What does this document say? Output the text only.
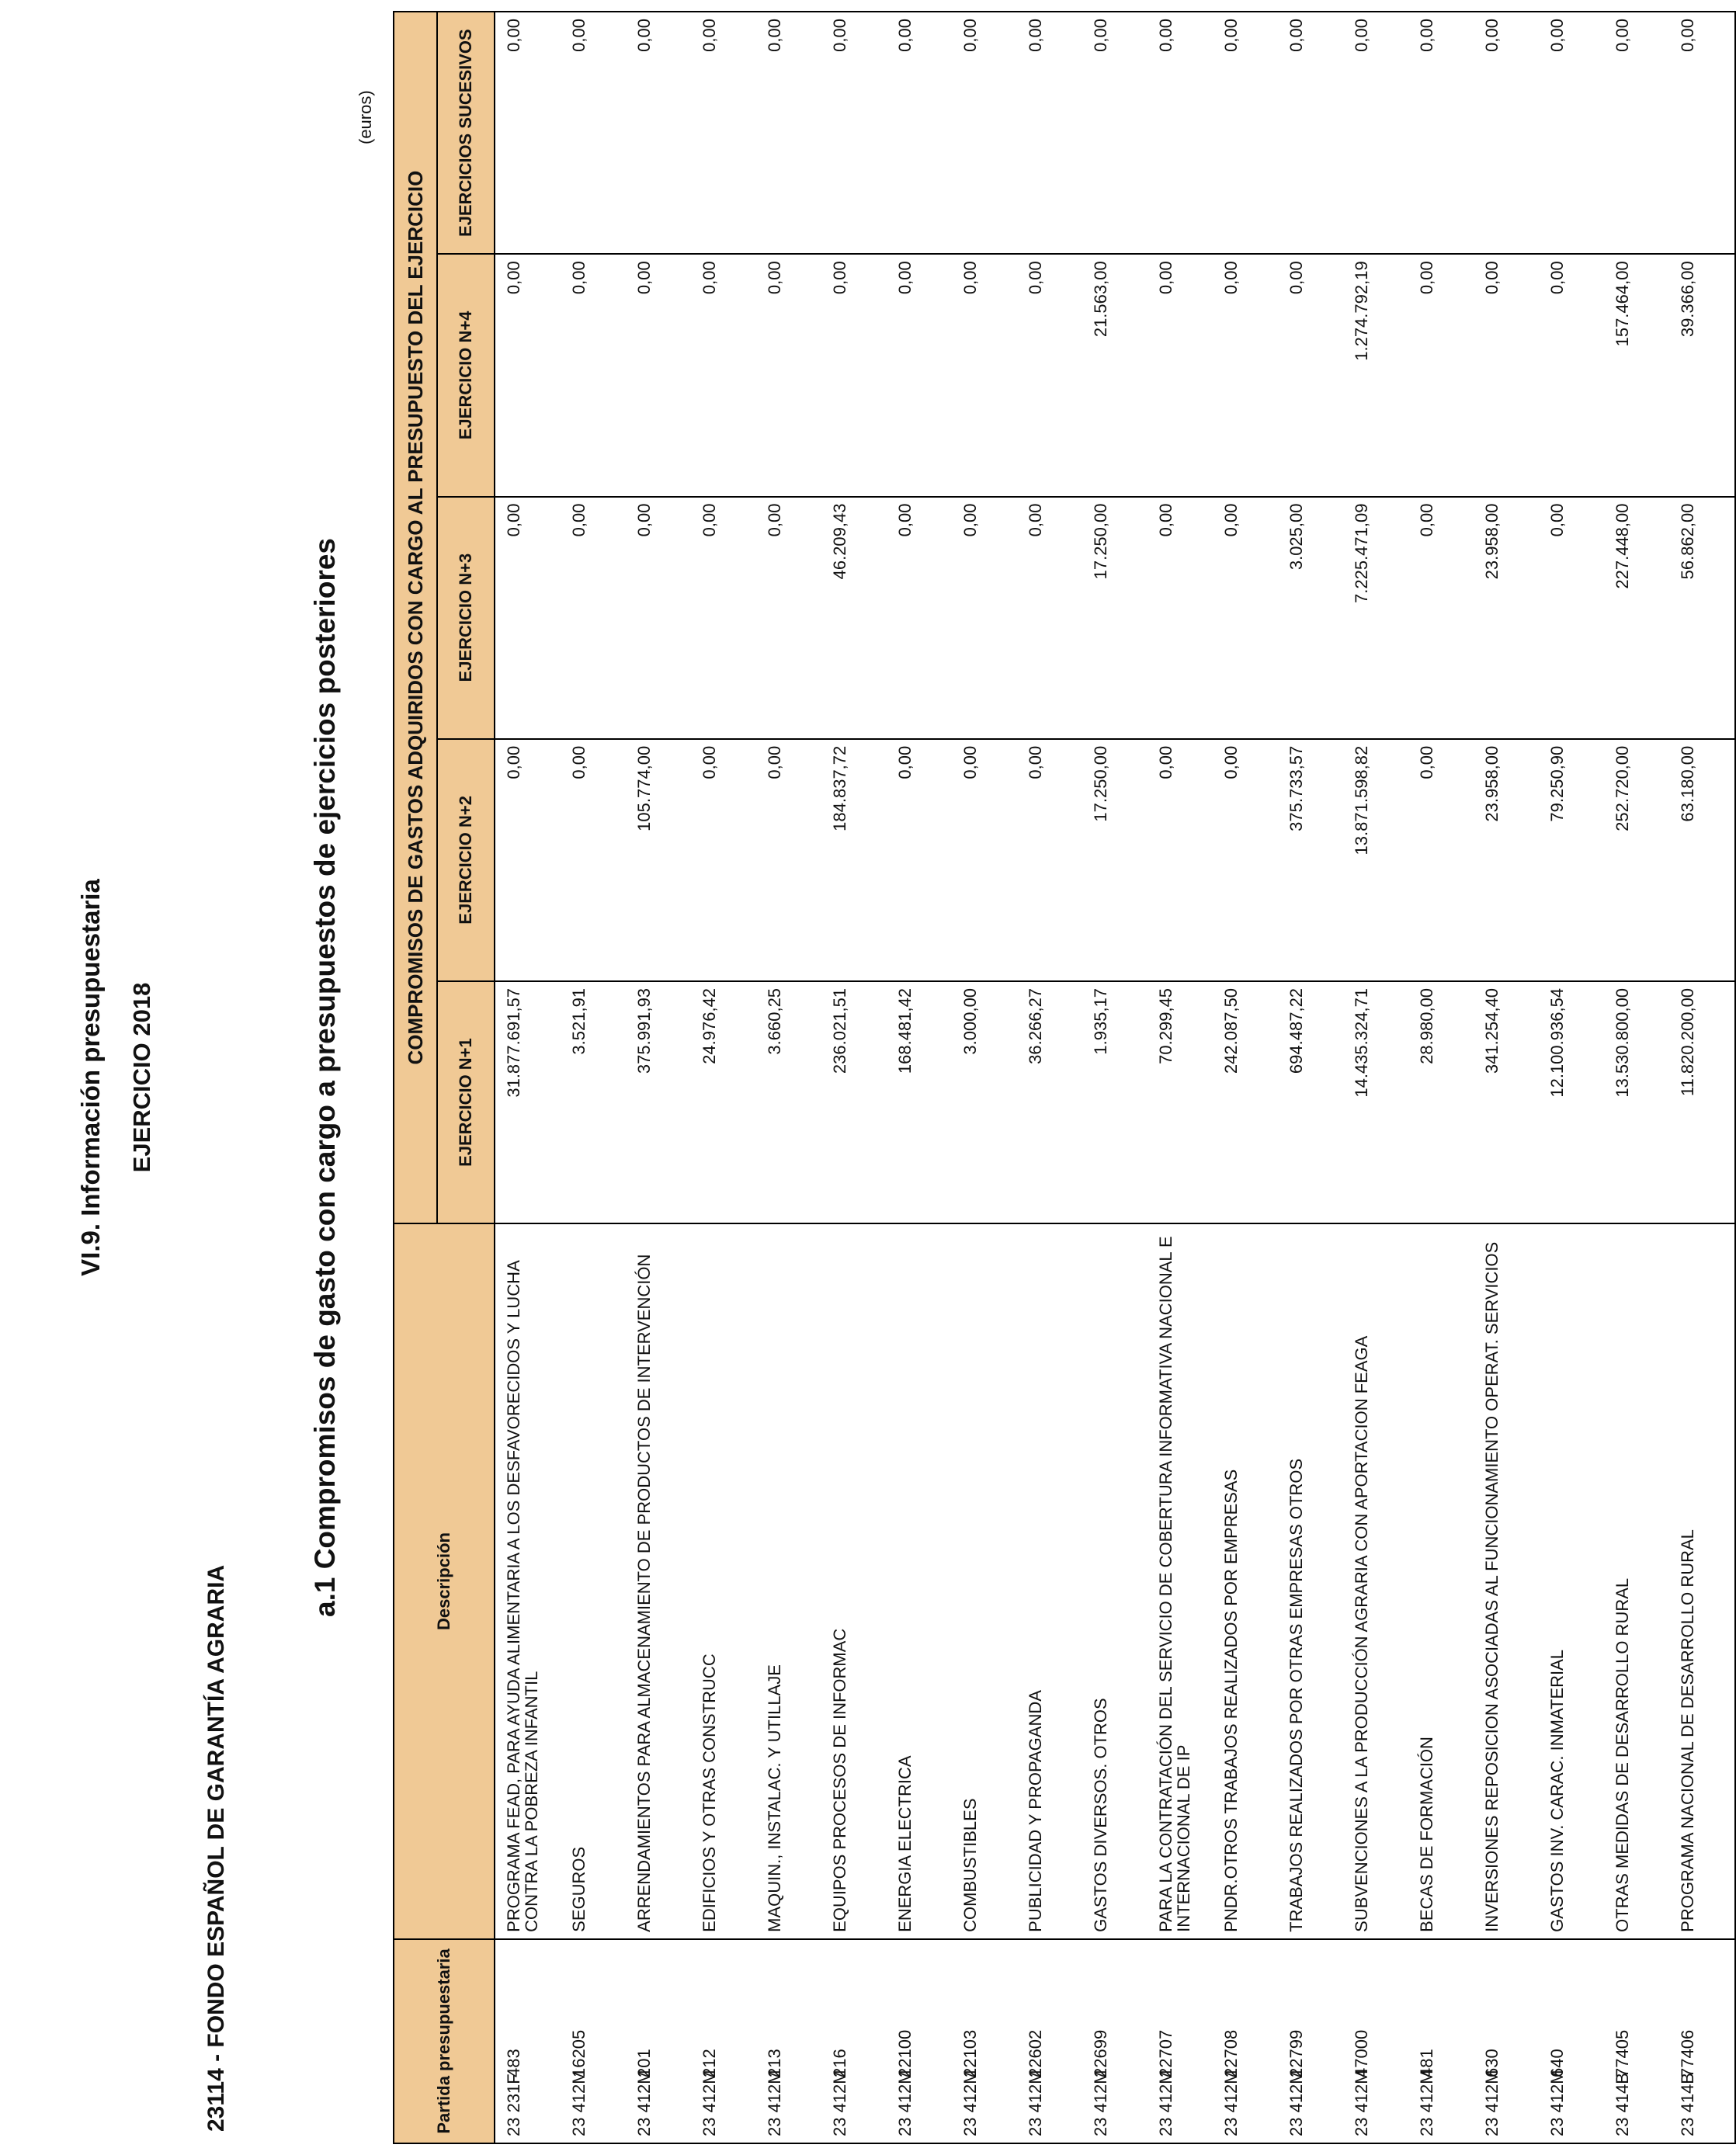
VI.9. Información presupuestaria EJERCICIO 2018
23114 - FONDO ESPAÑOL DE GARANTÍA AGRARIA
a.1 Compromisos de gasto con cargo a presupuestos de ejercicios posteriores
(euros)
Partida presupuestaria	Descripción	COMPROMISOS DE GASTOS ADQUIRIDOS CON CARGO AL PRESUPUESTO DEL EJERCICIO				
		EJERCICIO N+1	EJERCICIO N+2	EJERCICIO N+3	EJERCICIO N+4	EJERCICIOS SUCESIVOS
23 231F483	PROGRAMA FEAD, PARA AYUDA ALIMENTARIA A LOS DESFAVORECIDOS Y LUCHA CONTRA LA POBREZA INFANTIL	31.877.691,57	0,00	0,00	0,00	0,00
23 412M16205	SEGUROS	3.521,91	0,00	0,00	0,00	0,00
23 412M201	ARRENDAMIENTOS PARA ALMACENAMIENTO DE PRODUCTOS DE INTERVENCIÓN	375.991,93	105.774,00	0,00	0,00	0,00
23 412M212	EDIFICIOS Y OTRAS CONSTRUCC	24.976,42	0,00	0,00	0,00	0,00
23 412M213	MAQUIN., INSTALAC. Y UTILLAJE	3.660,25	0,00	0,00	0,00	0,00
23 412M216	EQUIPOS PROCESOS DE INFORMAC	236.021,51	184.837,72	46.209,43	0,00	0,00
23 412M22100	ENERGIA ELECTRICA	168.481,42	0,00	0,00	0,00	0,00
23 412M22103	COMBUSTIBLES	3.000,00	0,00	0,00	0,00	0,00
23 412M22602	PUBLICIDAD Y PROPAGANDA	36.266,27	0,00	0,00	0,00	0,00
23 412M22699	GASTOS DIVERSOS. OTROS	1.935,17	17.250,00	17.250,00	21.563,00	0,00
23 412M22707	PARA LA CONTRATACIÓN DEL SERVICIO DE COBERTURA INFORMATIVA NACIONAL E INTERNACIONAL DE IP	70.299,45	0,00	0,00	0,00	0,00
23 412M22708	PNDR.OTROS TRABAJOS REALIZADOS POR EMPRESAS	242.087,50	0,00	0,00	0,00	0,00
23 412M22799	TRABAJOS REALIZADOS POR OTRAS EMPRESAS OTROS	694.487,22	375.733,57	3.025,00	0,00	0,00
23 412M47000	SUBVENCIONES A LA PRODUCCIÓN AGRARIA CON APORTACION FEAGA	14.435.324,71	13.871.598,82	7.225.471,09	1.274.792,19	0,00
23 412M481	BECAS DE FORMACIÓN	28.980,00	0,00	0,00	0,00	0,00
23 412M630	INVERSIONES REPOSICION ASOCIADAS AL FUNCIONAMIENTO OPERAT. SERVICIOS	341.254,40	23.958,00	23.958,00	0,00	0,00
23 412M640	GASTOS INV. CARAC. INMATERIAL	12.100.936,54	79.250,90	0,00	0,00	0,00
23 414B77405	OTRAS MEDIDAS DE DESARROLLO RURAL	13.530.800,00	252.720,00	227.448,00	157.464,00	0,00
23 414B77406	PROGRAMA NACIONAL DE DESARROLLO RURAL	11.820.200,00	63.180,00	56.862,00	39.366,00	0,00
